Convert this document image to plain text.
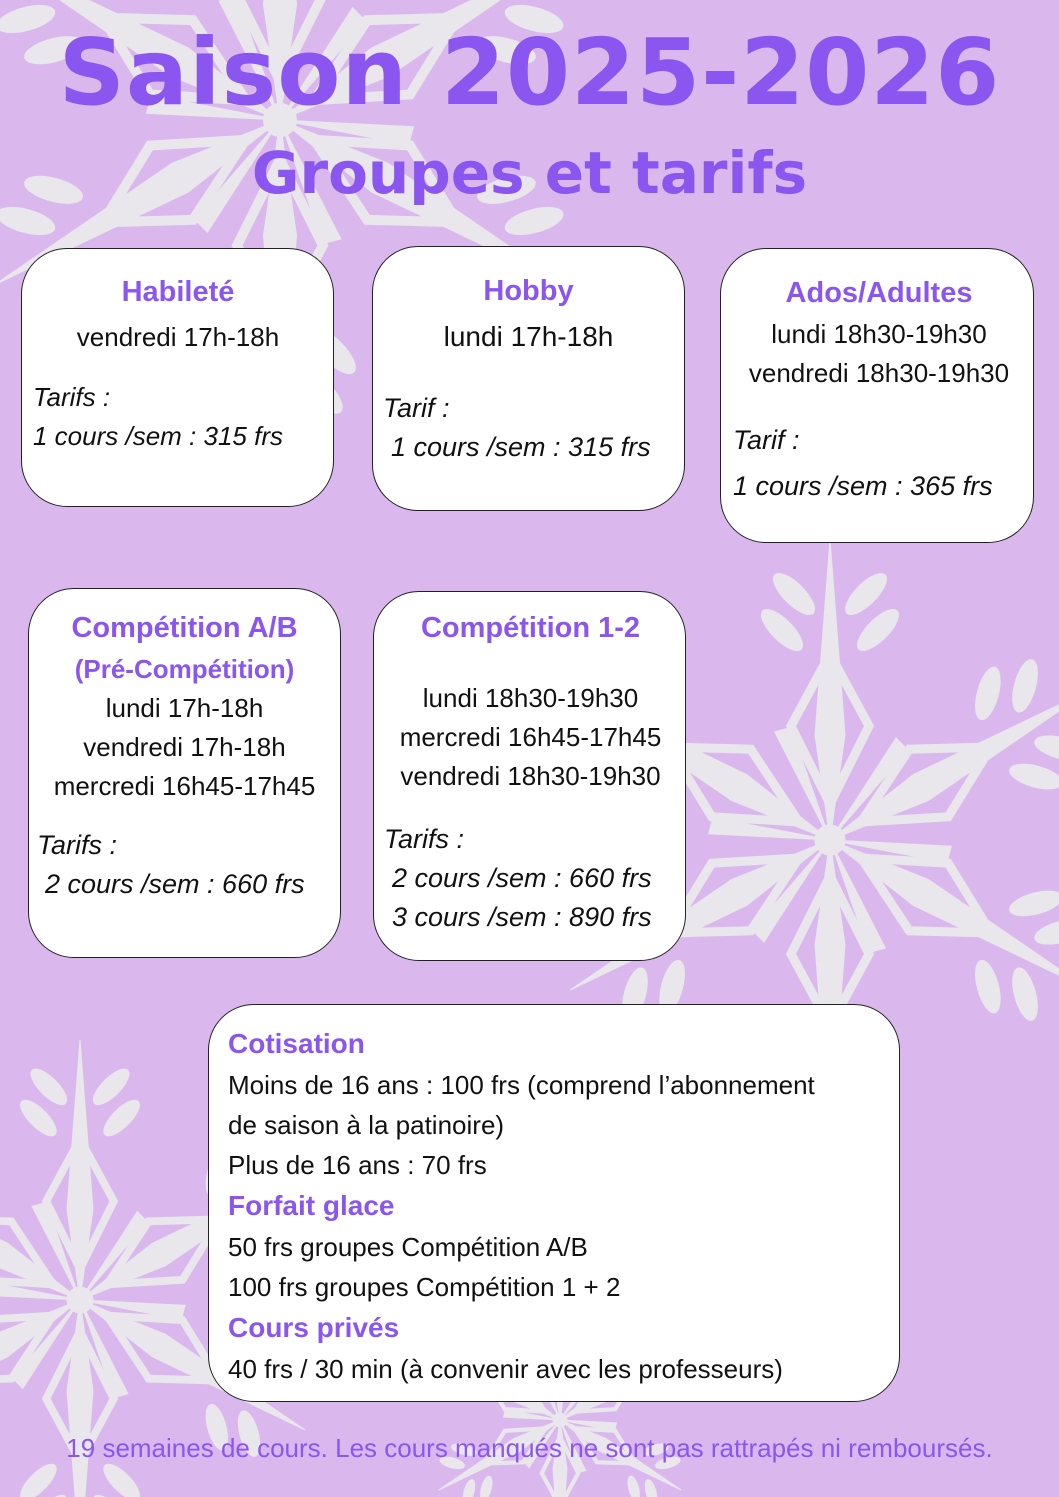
Saison 2025-2026
Groupes et tarifs
Habileté
vendredi 17h-18h
Tarifs :
1 cours /sem : 315 frs
Hobby
lundi 17h-18h
Tarif :
1 cours /sem : 315 frs
Ados/Adultes
lundi 18h30-19h30
vendredi 18h30-19h30
Tarif :
1 cours /sem : 365 frs
Compétition A/B
(Pré-Compétition)
lundi 17h-18h
vendredi 17h-18h
mercredi 16h45-17h45
Tarifs :
2 cours /sem : 660 frs
Compétition 1-2
lundi 18h30-19h30
mercredi 16h45-17h45
vendredi 18h30-19h30
Tarifs :
2 cours /sem : 660 frs
3 cours /sem : 890 frs
Cotisation
Moins de 16 ans : 100 frs (comprend l’abonnement
de saison à la patinoire)
Plus de 16 ans : 70 frs
Forfait glace
50 frs groupes Compétition A/B
100 frs groupes Compétition 1 + 2
Cours privés
40 frs / 30 min (à convenir avec les professeurs)
19 semaines de cours. Les cours manqués ne sont pas rattrapés ni remboursés.
